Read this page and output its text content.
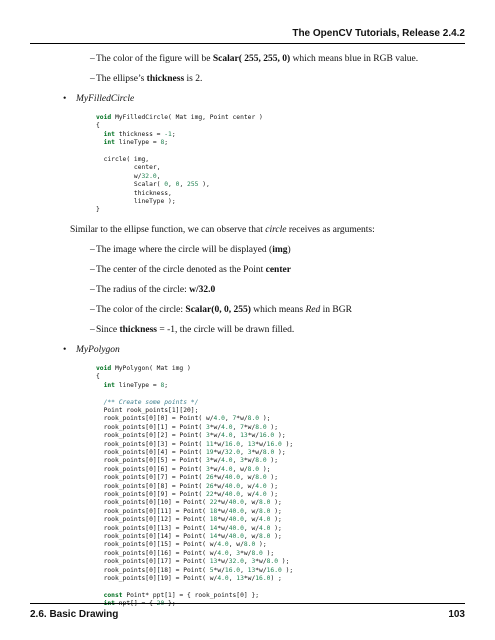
The OpenCV Tutorials, Release 2.4.2
– The color of the figure will be Scalar( 255, 255, 0) which means blue in RGB value.
– The ellipse’s thickness is 2.
• MyFilledCircle
void MyFilledCircle( Mat img, Point center )
{
int thickness = -1;
int lineType = 8;

circle( img,
center,
w/32.0,
Scalar( 0, 0, 255 ),
thickness,
lineType );
}
Similar to the ellipse function, we can observe that circle receives as arguments:
– The image where the circle will be displayed (img)
– The center of the circle denoted as the Point center
– The radius of the circle: w/32.0
– The color of the circle: Scalar(0, 0, 255) which means Red in BGR
– Since thickness = -1, the circle will be drawn filled.
• MyPolygon
void MyPolygon( Mat img )
{
int lineType = 8;

/** Create some points */
Point rook_points[1][20];
rook_points[0][0] = Point( w/4.0, 7*w/8.0 );
rook_points[0][1] = Point( 3*w/4.0, 7*w/8.0 );
rook_points[0][2] = Point( 3*w/4.0, 13*w/16.0 );
rook_points[0][3] = Point( 11*w/16.0, 13*w/16.0 );
rook_points[0][4] = Point( 19*w/32.0, 3*w/8.0 );
rook_points[0][5] = Point( 3*w/4.0, 3*w/8.0 );
rook_points[0][6] = Point( 3*w/4.0, w/8.0 );
rook_points[0][7] = Point( 26*w/40.0, w/8.0 );
rook_points[0][8] = Point( 26*w/40.0, w/4.0 );
rook_points[0][9] = Point( 22*w/40.0, w/4.0 );
rook_points[0][10] = Point( 22*w/40.0, w/8.0 );
rook_points[0][11] = Point( 18*w/40.0, w/8.0 );
rook_points[0][12] = Point( 18*w/40.0, w/4.0 );
rook_points[0][13] = Point( 14*w/40.0, w/4.0 );
rook_points[0][14] = Point( 14*w/40.0, w/8.0 );
rook_points[0][15] = Point( w/4.0, w/8.0 );
rook_points[0][16] = Point( w/4.0, 3*w/8.0 );
rook_points[0][17] = Point( 13*w/32.0, 3*w/8.0 );
rook_points[0][18] = Point( 5*w/16.0, 13*w/16.0 );
rook_points[0][19] = Point( w/4.0, 13*w/16.0) ;

const Point* ppt[1] = { rook_points[0] };
int npt[] = { 20 };
2.6. Basic Drawing	103
